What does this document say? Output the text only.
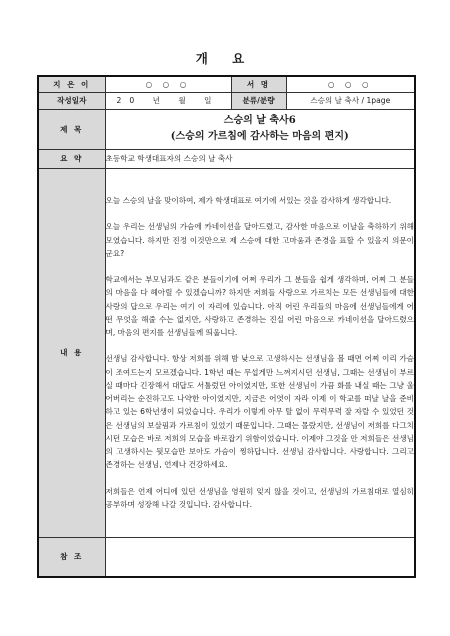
개 요
지 은 이	○ ○ ○	서 명	○ ○ ○
작성일자	20 년 월 일	분류/분량	스승의 날 축사 / 1page
제 목	스승의 날 축사6
(스승의 가르침에 감사하는 마음의 편지)		

요 약	초등학교 학생대표자의 스승의 날 축사		
내 용	오늘 스승의 날을 맞이하여, 제가 학생대표로 여기에 서있는 것을 감사하게 생각합니다.

오늘 우리는 선생님의 가슴에 카네이션을 달아드렸고, 감사한 마음으로 이날을 축하하기 위해 모였습니다. 하지만 진정 이것만으로 제 스승에 대한 고마움과 존경을 표할 수 있을지 의문이군요?

학교에서는 부모님과도 같은 분들이기에 어쩌 우리가 그 분들을 쉽게 생각하며, 어찌 그 분들의 마음을 다 헤아릴 수 있겠습니까? 하지만 저희들 사랑으로 가르치는 모든 선생님들에 대한 사랑의 답으로 우리는 여기 이 자리에 있습니다. 아직 어린 우리들의 마음에 선생님들에게 어떤 무엇을 해줄 수는 없지만, 사랑하고 존경하는 진실 어린 마음으로 카네이션을 달아드렸으며, 마음의 편지를 선생님들께 띄웁니다.

선생님 감사합니다. 항상 저희를 위해 밤 낮으로 고생하시는 선생님을 볼 때면 어찌 이리 가슴이 조여드는지 모르겠습니다. 1학년 때는 무섭게만 느껴지시던 선생님, 그때는 선생님이 부르실 때마다 긴장해서 대답도 서툴렀던 아이였지만, 또한 선생님이 가끔 화를 내실 때는 그냥 울어버리는 순진하고도 나약한 아이였지만, 지금은 어엿이 자라 이제 이 학교를 떠날 날을 준비하고 있는 6학년생이 되었습니다. 우리가 이렇게 아무 탈 없이 무럭무럭 잘 자랄 수 있었던 것은 선생님의 보살핌과 가르침이 있었기 때문입니다. 그때는 몰랐지만, 선생님이 저희를 다그치시던 모습은 바로 저희의 모습을 바로잡기 위함이었습니다. 이제야 그것을 안 저희들은 선생님의 고생하시는 뒷모습만 보아도 가슴이 찡하답니다. 선생님 감사합니다. 사랑합니다. 그리고 존경하는 선생님, 언제나 건강하세요.

저희들은 언제 어디에 있던 선생님을 영원히 잊지 않을 것이고, 선생님의 가르침대로 열심히 공부하며 성장해 나갈 것입니다. 감사합니다.		

참 조			
